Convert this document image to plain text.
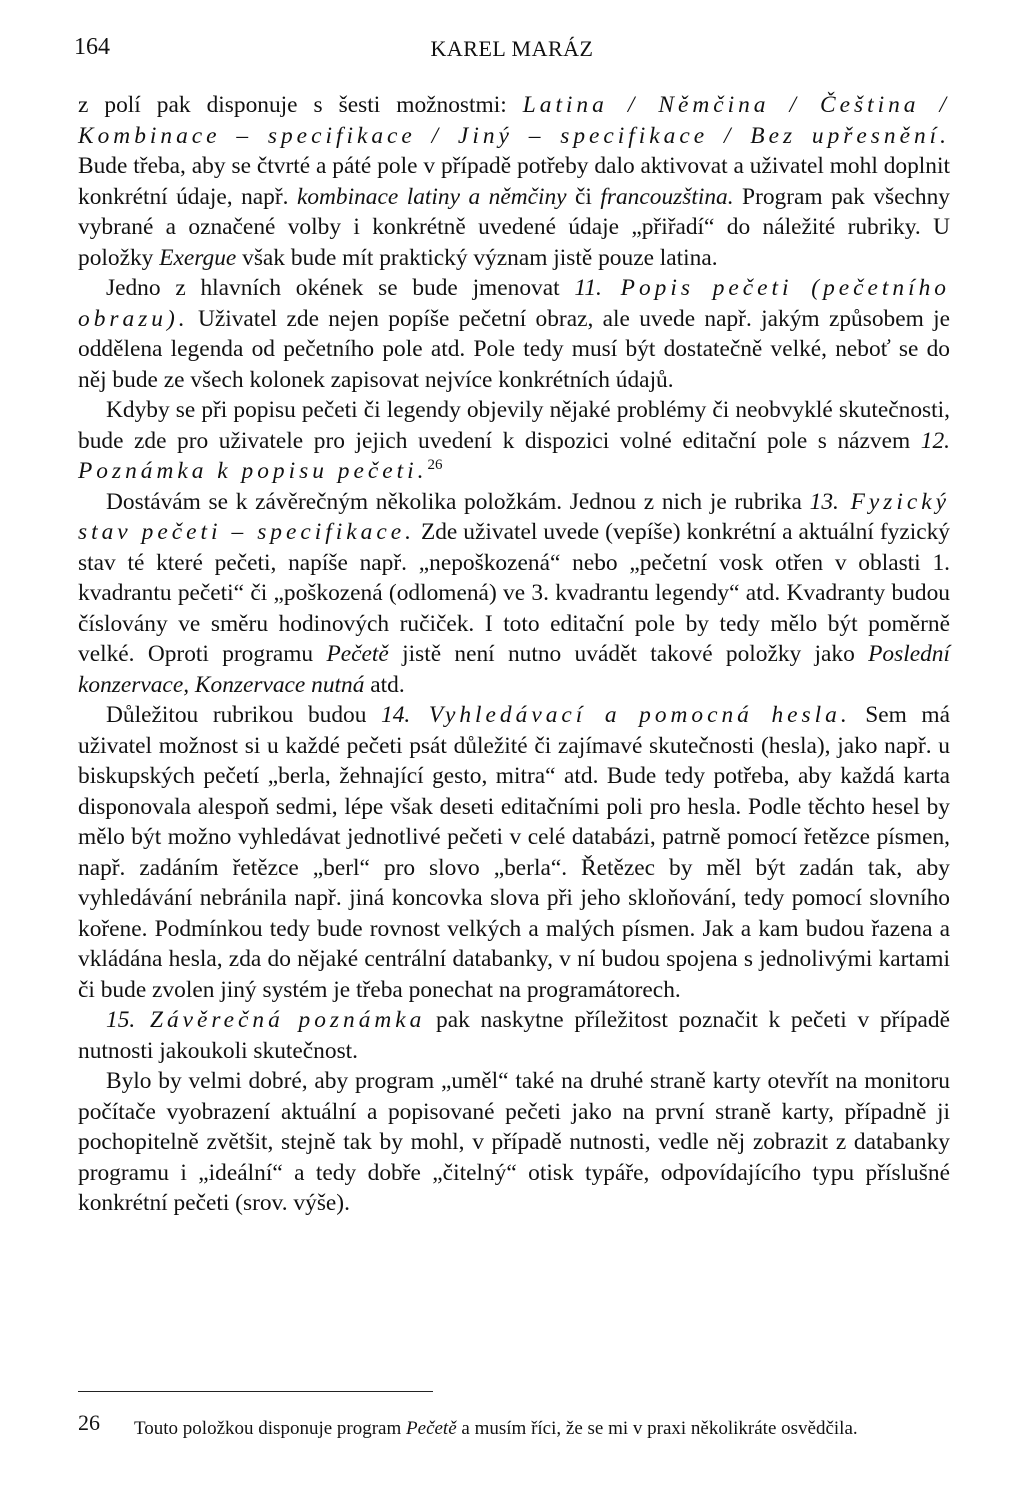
164	KAREL MARÁZ

z polí pak disponuje s šesti možnostmi: Latina / Němčina / Čeština / Kombinace – specifikace / Jiný – specifikace / Bez upřesnění. Bude třeba, aby se čtvrté a páté pole v případě potřeby dalo aktivovat a uživatel mohl doplnit konkrétní údaje, např. kombinace latiny a němčiny či francouzština. Program pak všechny vybrané a označené volby i konkrétně uvedené údaje „přiřadí“ do náležité rubriky. U položky Exergue však bude mít praktický význam jistě pouze latina.

Jedno z hlavních okének se bude jmenovat 11. Popis pečeti (pečetního obrazu). Uživatel zde nejen popíše pečetní obraz, ale uvede např. jakým způsobem je oddělena legenda od pečetního pole atd. Pole tedy musí být dostatečně velké, neboť se do něj bude ze všech kolonek zapisovat nejvíce konkrétních údajů.

Kdyby se při popisu pečeti či legendy objevily nějaké problémy či neobvyklé skutečnosti, bude zde pro uživatele pro jejich uvedení k dispozici volné editační pole s názvem 12. Poznámka k popisu pečeti.$^{26}$

Dostávám se k závěrečným několika položkám. Jednou z nich je rubrika 13. Fyzický stav pečeti – specifikace. Zde uživatel uvede (vepíše) konkrétní a aktuální fyzický stav té které pečeti, napíše např. „nepoškozená“ nebo „pečetní vosk otřen v oblasti 1. kvadrantu pečeti“ či „poškozená (odlomená) ve 3. kvadrantu legendy“ atd. Kvadranty budou číslovány ve směru hodinových ručiček. I toto editační pole by tedy mělo být poměrně velké. Oproti programu Pečetě jistě není nutno uvádět takové položky jako Poslední konzervace, Konzervace nutná atd.

Důležitou rubrikou budou 14. Vyhledávací a pomocná hesla. Sem má uživatel možnost si u každé pečeti psát důležité či zajímavé skutečnosti (hesla), jako např. u biskupských pečetí „berla, žehnající gesto, mitra“ atd. Bude tedy potřeba, aby každá karta disponovala alespoň sedmi, lépe však deseti editačními poli pro hesla. Podle těchto hesel by mělo být možno vyhledávat jednotlivé pečeti v celé databázi, patrně pomocí řetězce písmen, např. zadáním řetězce „berl“ pro slovo „berla“. Řetězec by měl být zadán tak, aby vyhledávání nebránila např. jiná koncovka slova při jeho skloňování, tedy pomocí slovního kořene. Podmínkou tedy bude rovnost velkých a malých písmen. Jak a kam budou řazena a vkládána hesla, zda do nějaké centrální databanky, v ní budou spojena s jednolivými kartami či bude zvolen jiný systém je třeba ponechat na programátorech.

15. Závěrečná poznámka pak naskytne příležitost poznačit k pečeti v případě nutnosti jakoukoli skutečnost.

Bylo by velmi dobré, aby program „uměl“ také na druhé straně karty otevřít na monitoru počítače vyobrazení aktuální a popisované pečeti jako na první straně karty, případně ji pochopitelně zvětšit, stejně tak by mohl, v případě nutnosti, vedle něj zobrazit z databanky programu i „ideální“ a tedy dobře „čitelný“ otisk typáře, odpovídajícího typu příslušné konkrétní pečeti (srov. výše).

26 Touto položkou disponuje program Pečetě a musím říci, že se mi v praxi několikráte osvědčila.
